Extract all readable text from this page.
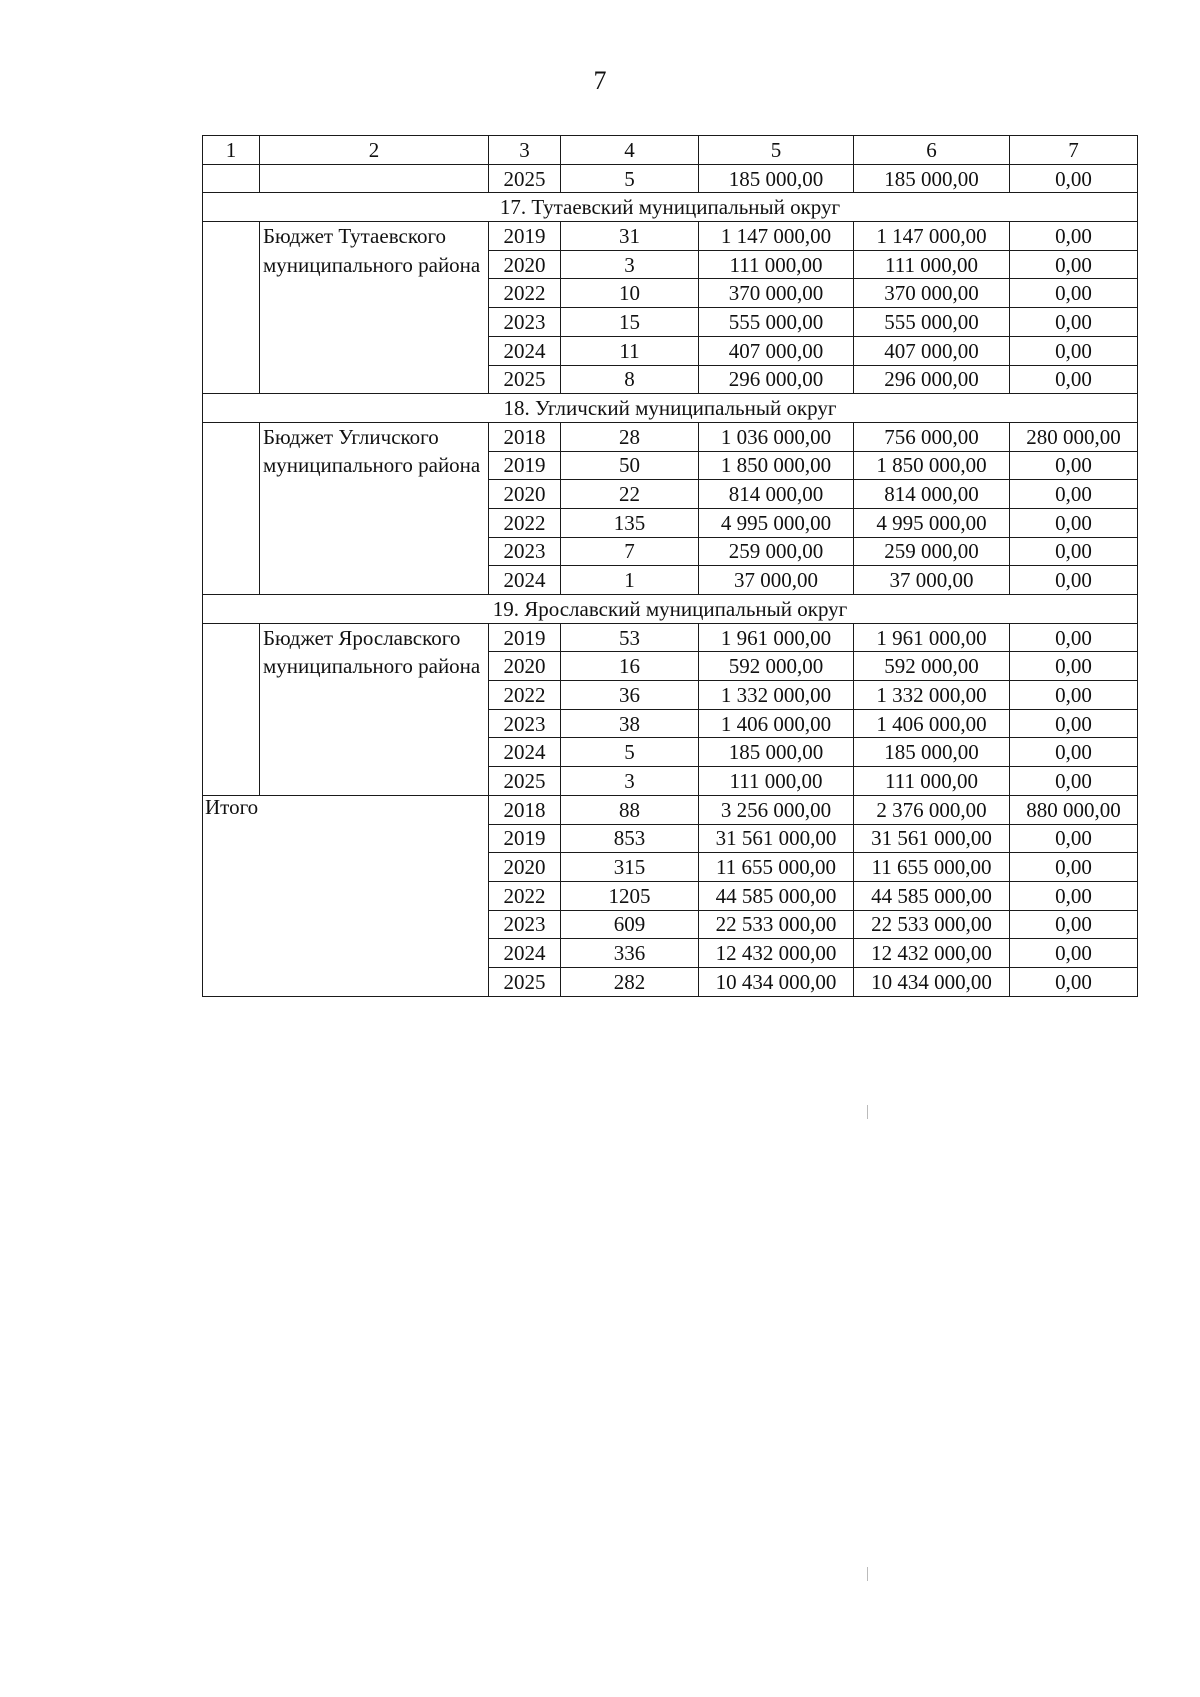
7
1	2	3	4	5	6	7
		2025	5	185 000,00	185 000,00	0,00
17. Тутаевский муниципальный округ						
	Бюджет Тутаевского муниципального района	2019	31	1 147 000,00	1 147 000,00	0,00
		2020	3	111 000,00	111 000,00	0,00
		2022	10	370 000,00	370 000,00	0,00
		2023	15	555 000,00	555 000,00	0,00
		2024	11	407 000,00	407 000,00	0,00
		2025	8	296 000,00	296 000,00	0,00
18. Угличский муниципальный округ						
	Бюджет Угличского муниципального района	2018	28	1 036 000,00	756 000,00	280 000,00
		2019	50	1 850 000,00	1 850 000,00	0,00
		2020	22	814 000,00	814 000,00	0,00
		2022	135	4 995 000,00	4 995 000,00	0,00
		2023	7	259 000,00	259 000,00	0,00
		2024	1	37 000,00	37 000,00	0,00
19. Ярославский муниципальный округ						
	Бюджет Ярославского муниципального района	2019	53	1 961 000,00	1 961 000,00	0,00
		2020	16	592 000,00	592 000,00	0,00
		2022	36	1 332 000,00	1 332 000,00	0,00
		2023	38	1 406 000,00	1 406 000,00	0,00
		2024	5	185 000,00	185 000,00	0,00
		2025	3	111 000,00	111 000,00	0,00
Итого		2018	88	3 256 000,00	2 376 000,00	880 000,00
		2019	853	31 561 000,00	31 561 000,00	0,00
		2020	315	11 655 000,00	11 655 000,00	0,00
		2022	1205	44 585 000,00	44 585 000,00	0,00
		2023	609	22 533 000,00	22 533 000,00	0,00
		2024	336	12 432 000,00	12 432 000,00	0,00
		2025	282	10 434 000,00	10 434 000,00	0,00
